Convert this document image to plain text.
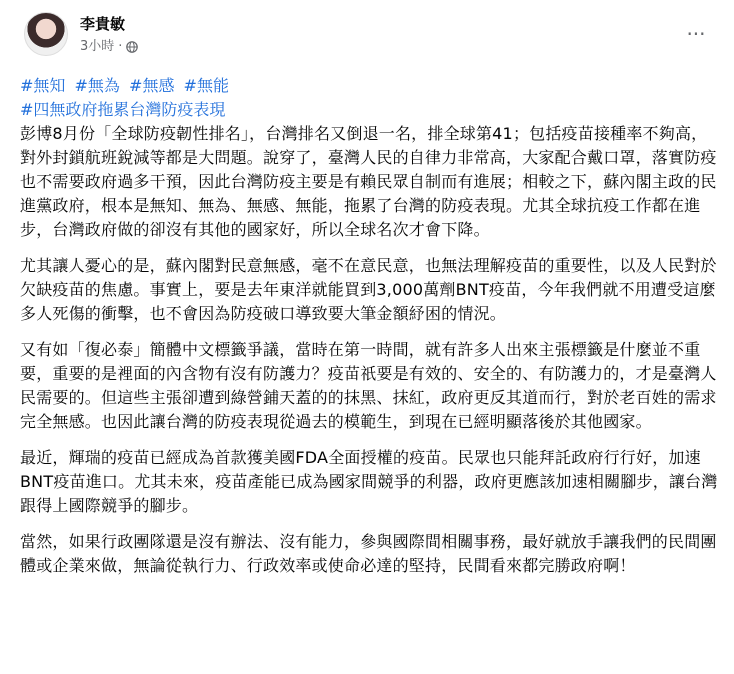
李貴敏
3小時 ·
···
#無知 #無為 #無感 #無能
#四無政府拖累台灣防疫表現

彭博8月份「全球防疫韌性排名」，台灣排名又倒退一名，排全球第41；包括疫苗接種率不夠高，對外封鎖航班銳減等都是大問題。說穿了，臺灣人民的自律力非常高，大家配合戴口罩，落實防疫也不需要政府過多干預，因此台灣防疫主要是有賴民眾自制而有進展；相較之下，蘇內閣主政的民進黨政府，根本是無知、無為、無感、無能，拖累了台灣的防疫表現。尤其全球抗疫工作都在進步，台灣政府做的卻沒有其他的國家好，所以全球名次才會下降。

尤其讓人憂心的是，蘇內閣對民意無感，毫不在意民意，也無法理解疫苗的重要性，以及人民對於欠缺疫苗的焦慮。事實上，要是去年東洋就能買到3,000萬劑BNT疫苗，今年我們就不用遭受這麼多人死傷的衝擊，也不會因為防疫破口導致要大筆金額紓困的情況。

又有如「復必泰」簡體中文標籤爭議，當時在第一時間，就有許多人出來主張標籤是什麼並不重要，重要的是裡面的內含物有沒有防護力？疫苗祇要是有效的、安全的、有防護力的，才是臺灣人民需要的。但這些主張卻遭到綠營鋪天蓋的的抹黑、抹紅，政府更反其道而行，對於老百姓的需求完全無感。也因此讓台灣的防疫表現從過去的模範生，到現在已經明顯落後於其他國家。

最近，輝瑞的疫苗已經成為首款獲美國FDA全面授權的疫苗。民眾也只能拜託政府行行好，加速BNT疫苗進口。尤其未來，疫苗產能已成為國家間競爭的利器，政府更應該加速相關腳步，讓台灣跟得上國際競爭的腳步。

當然，如果行政團隊還是沒有辦法、沒有能力，參與國際間相關事務，最好就放手讓我們的民間團體或企業來做，無論從執行力、行政效率或使命必達的堅持，民間看來都完勝政府啊！
